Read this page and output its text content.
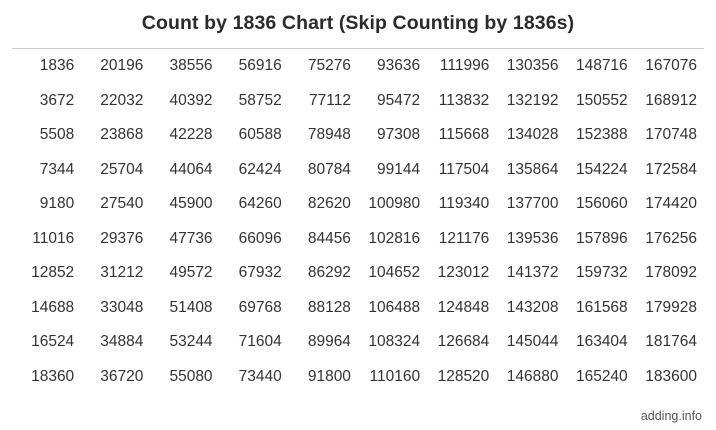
Count by 1836 Chart (Skip Counting by 1836s)
1836	20196	38556	56916	75276	93636	111996	130356	148716	167076
3672	22032	40392	58752	77112	95472	113832	132192	150552	168912
5508	23868	42228	60588	78948	97308	115668	134028	152388	170748
7344	25704	44064	62424	80784	99144	117504	135864	154224	172584
9180	27540	45900	64260	82620	100980	119340	137700	156060	174420
11016	29376	47736	66096	84456	102816	121176	139536	157896	176256
12852	31212	49572	67932	86292	104652	123012	141372	159732	178092
14688	33048	51408	69768	88128	106488	124848	143208	161568	179928
16524	34884	53244	71604	89964	108324	126684	145044	163404	181764
18360	36720	55080	73440	91800	110160	128520	146880	165240	183600
adding.info
